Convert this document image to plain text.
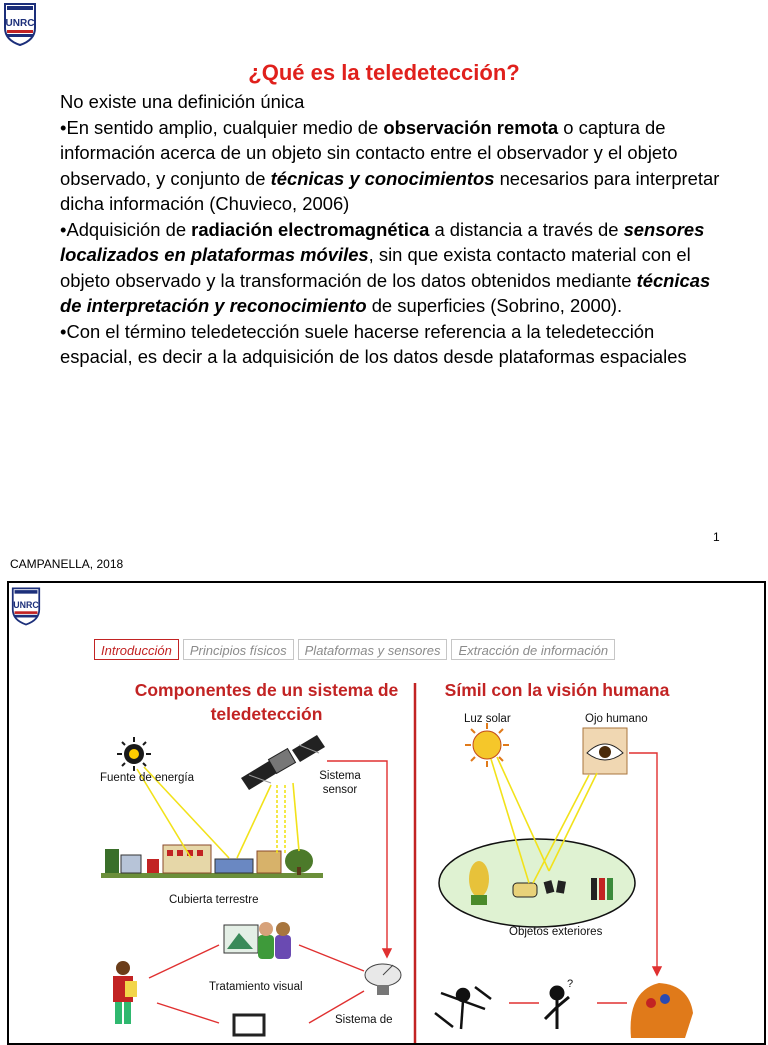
UNRC
¿Qué es la teledetección?

No existe una definición única

•En sentido amplio, cualquier medio de observación remota o captura de información acerca de un objeto sin contacto entre el observador y el objeto observado, y conjunto de técnicas y conocimientos necesarios para interpretar dicha información (Chuvieco, 2006)

•Adquisición de radiación electromagnética a distancia a través de sensores localizados en plataformas móviles, sin que exista contacto material con el objeto observado y la transformación de los datos obtenidos mediante técnicas de interpretación y reconocimiento de superficies (Sobrino, 2000).

•Con el término teledetección suele hacerse referencia a la teledetección espacial, es decir a la adquisición de los datos desde plataformas espaciales

1
CAMPANELLA, 2018
UNRC
Introducción	Principios físicos	Plataformas y sensores	Extracción de información
Componentes de un sistema de teledetección
Símil con la visión humana
?
Fuente de energía	Sistema sensor
Cubierta terrestre
Tratamiento visual
Sistema de
Luz solar	Ojo humano
Objetos exteriores
